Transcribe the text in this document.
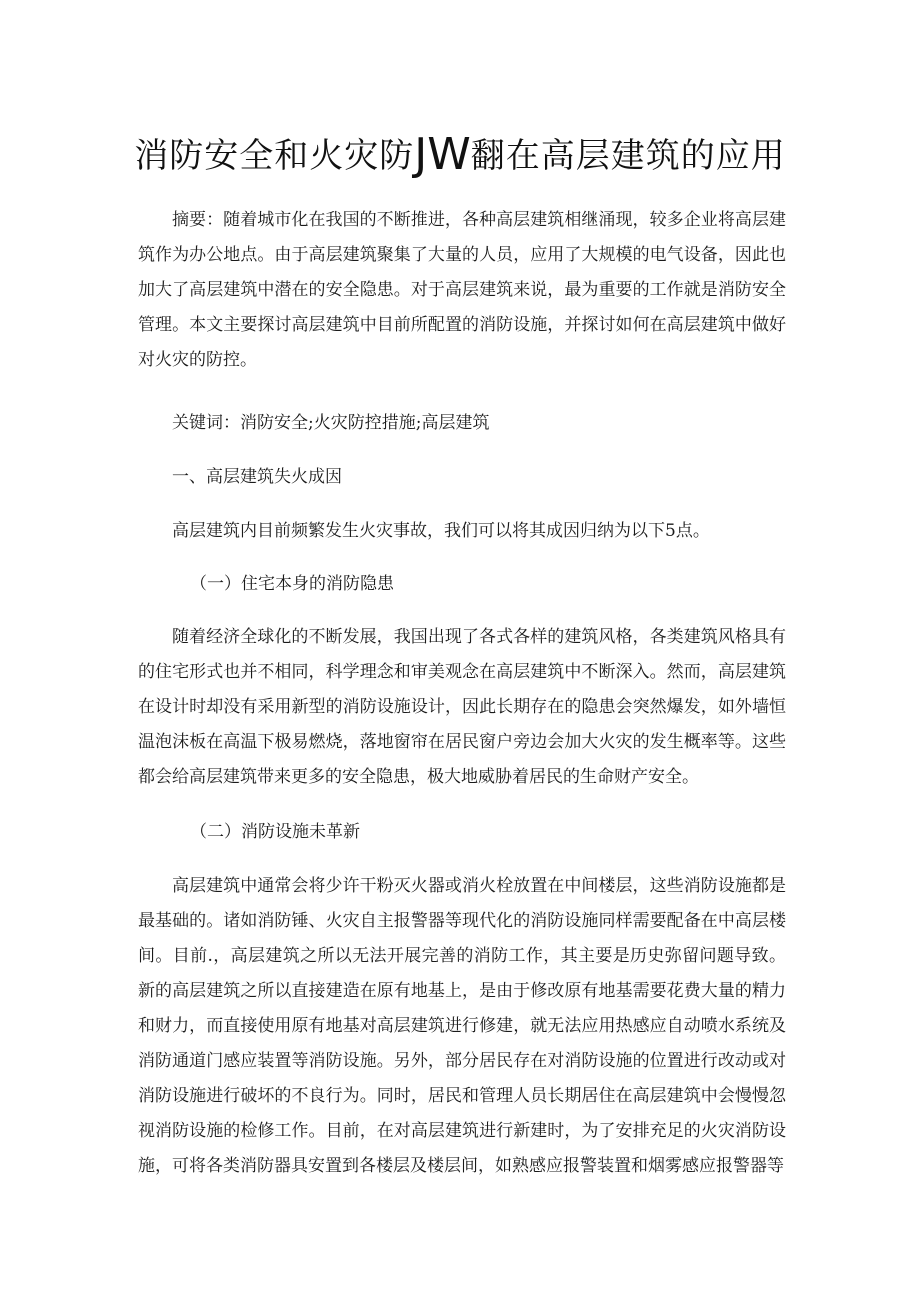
消防安全和火灾防JW翻在高层建筑的应用

摘要：随着城市化在我国的不断推进，各种高层建筑相继涌现，较多企业将高层建筑作为办公地点。由于高层建筑聚集了大量的人员，应用了大规模的电气设备，因此也加大了高层建筑中潜在的安全隐患。对于高层建筑来说，最为重要的工作就是消防安全管理。本文主要探讨高层建筑中目前所配置的消防设施，并探讨如何在高层建筑中做好对火灾的防控。

关键词：消防安全;火灾防控措施;高层建筑

一、高层建筑失火成因

高层建筑内目前频繁发生火灾事故，我们可以将其成因归纳为以下5点。

（一）住宅本身的消防隐患

随着经济全球化的不断发展，我国出现了各式各样的建筑风格，各类建筑风格具有的住宅形式也并不相同，科学理念和审美观念在高层建筑中不断深入。然而，高层建筑在设计时却没有采用新型的消防设施设计，因此长期存在的隐患会突然爆发，如外墙恒温泡沫板在高温下极易燃烧，落地窗帘在居民窗户旁边会加大火灾的发生概率等。这些都会给高层建筑带来更多的安全隐患，极大地威胁着居民的生命财产安全。

（二）消防设施未革新

高层建筑中通常会将少许干粉灭火器或消火栓放置在中间楼层，这些消防设施都是最基础的。诸如消防锤、火灾自主报警器等现代化的消防设施同样需要配备在中高层楼间。目前.，高层建筑之所以无法开展完善的消防工作，其主要是历史弥留问题导致。新的高层建筑之所以直接建造在原有地基上，是由于修改原有地基需要花费大量的精力和财力，而直接使用原有地基对高层建筑进行修建，就无法应用热感应自动喷水系统及消防通道门感应装置等消防设施。另外，部分居民存在对消防设施的位置进行改动或对消防设施进行破坏的不良行为。同时，居民和管理人员长期居住在高层建筑中会慢慢忽视消防设施的检修工作。目前，在对高层建筑进行新建时，为了安排充足的火灾消防设施，可将各类消防器具安置到各楼层及楼层间，如熟感应报警装置和烟雾感应报警器等
